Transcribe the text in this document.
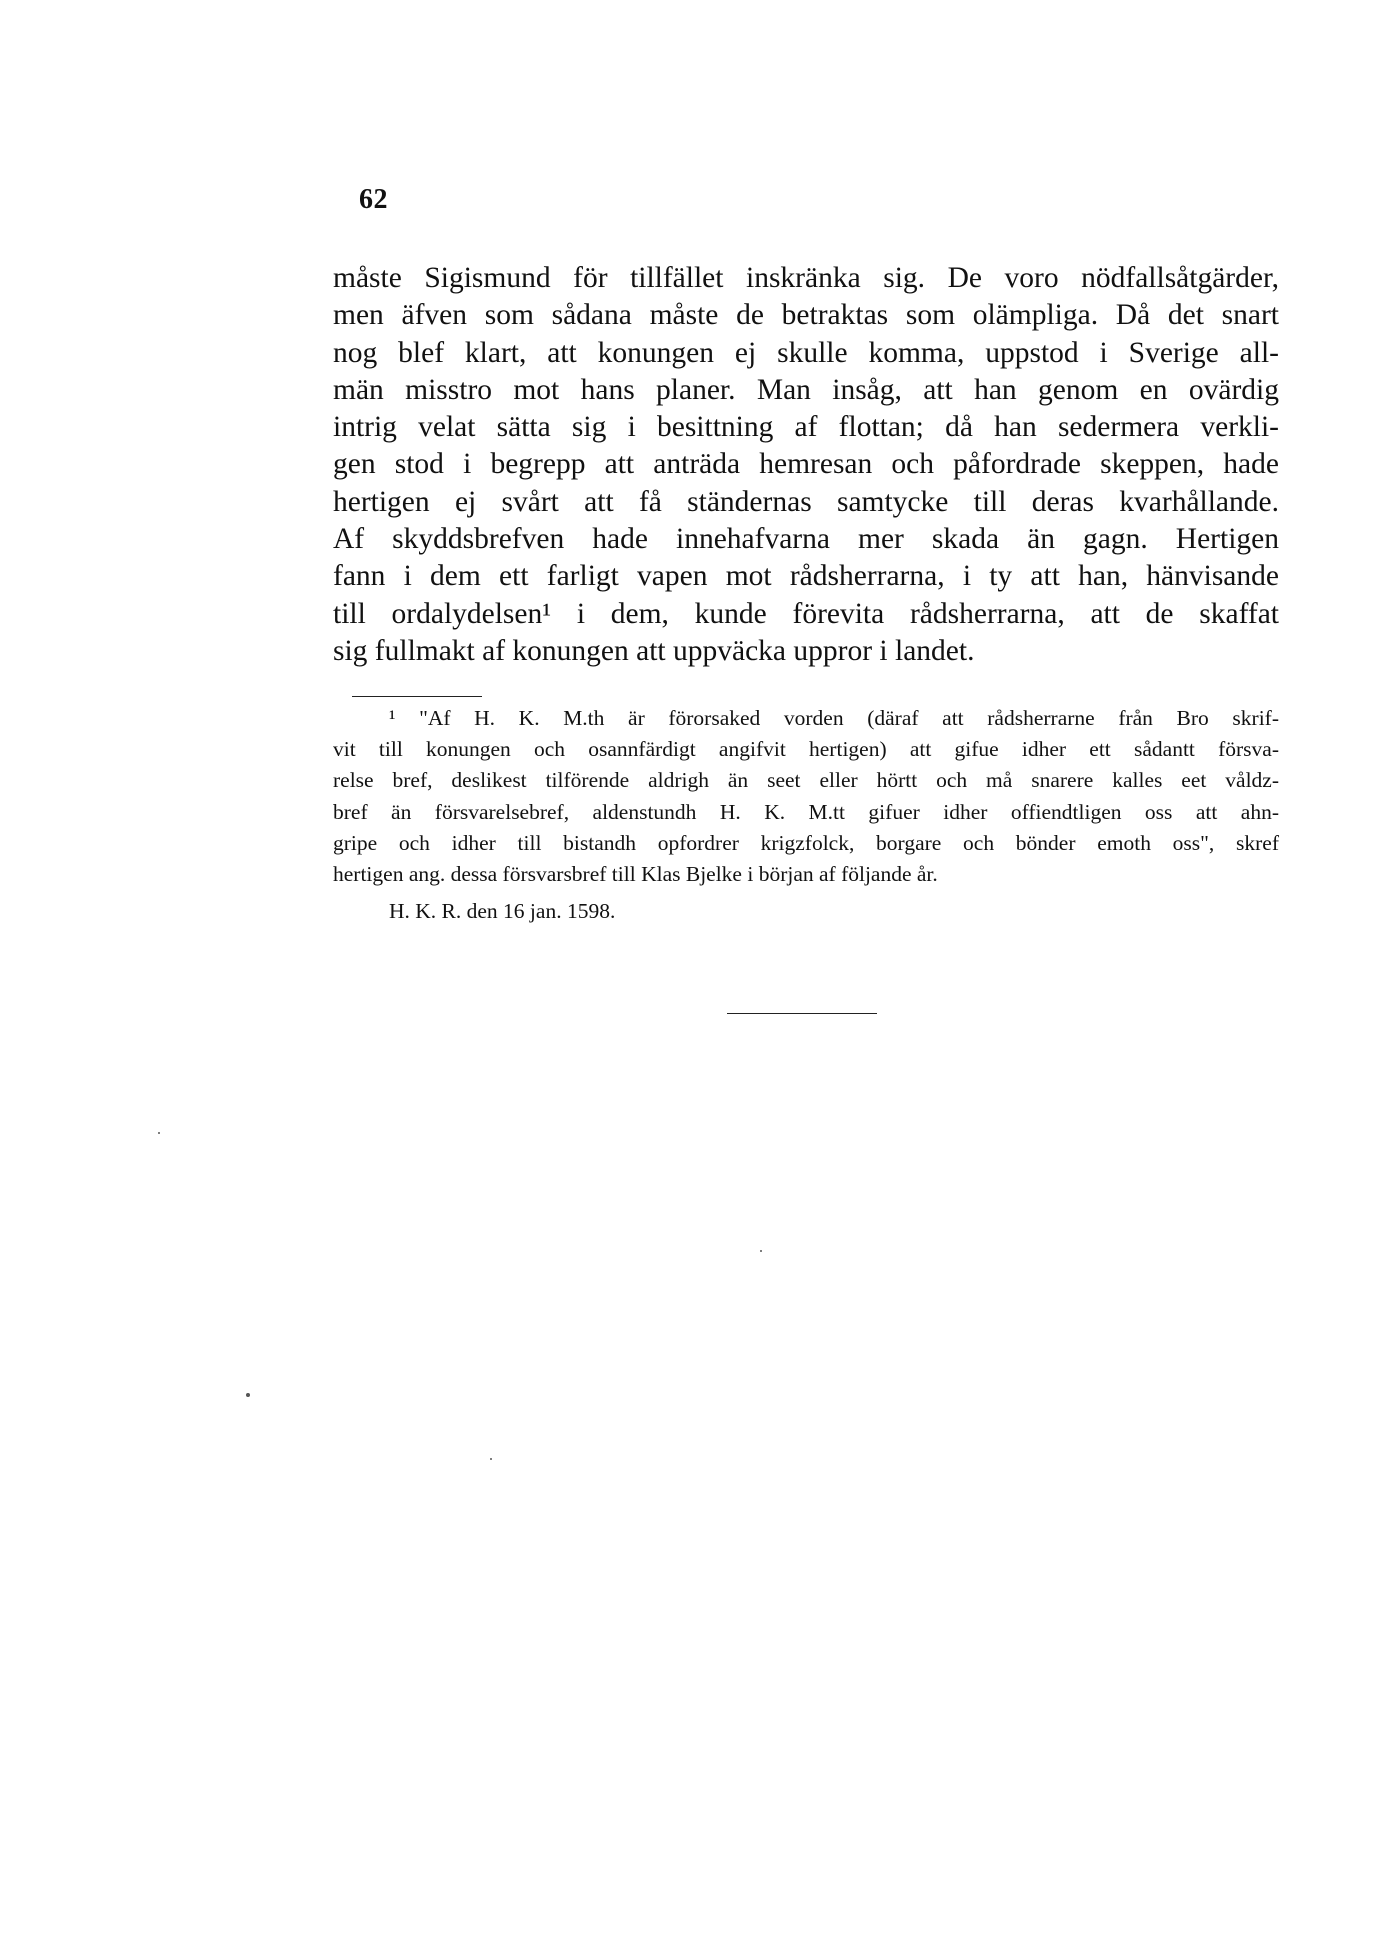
62
måste Sigismund för tillfället inskränka sig. De voro nödfallsåtgärder,
men äfven som sådana måste de betraktas som olämpliga. Då det snart
nog blef klart, att konungen ej skulle komma, uppstod i Sverige all-
män misstro mot hans planer. Man insåg, att han genom en ovärdig
intrig velat sätta sig i besittning af flottan; då han sedermera verkli-
gen stod i begrepp att anträda hemresan och påfordrade skeppen, hade
hertigen ej svårt att få ständernas samtycke till deras kvarhållande.
Af skyddsbrefven hade innehafvarna mer skada än gagn. Hertigen
fann i dem ett farligt vapen mot rådsherrarna, i ty att han, hänvisande
till ordalydelsen¹ i dem, kunde förevita rådsherrarna, att de skaffat
sig fullmakt af konungen att uppväcka uppror i landet.
¹ "Af H. K. M.th är förorsaked vorden (däraf att rådsherrarne från Bro skrif-
vit till konungen och osannfärdigt angifvit hertigen) att gifue idher ett sådantt försva-
relse bref, deslikest tilförende aldrigh än seet eller hörtt och må snarere kalles eet våldz-
bref än försvarelsebref, aldenstundh H. K. M.tt gifuer idher offiendtligen oss att ahn-
gripe och idher till bistandh opfordrer krigzfolck, borgare och bönder emoth oss", skref
hertigen ang. dessa försvarsbref till Klas Bjelke i början af följande år.
H. K. R. den 16 jan. 1598.
